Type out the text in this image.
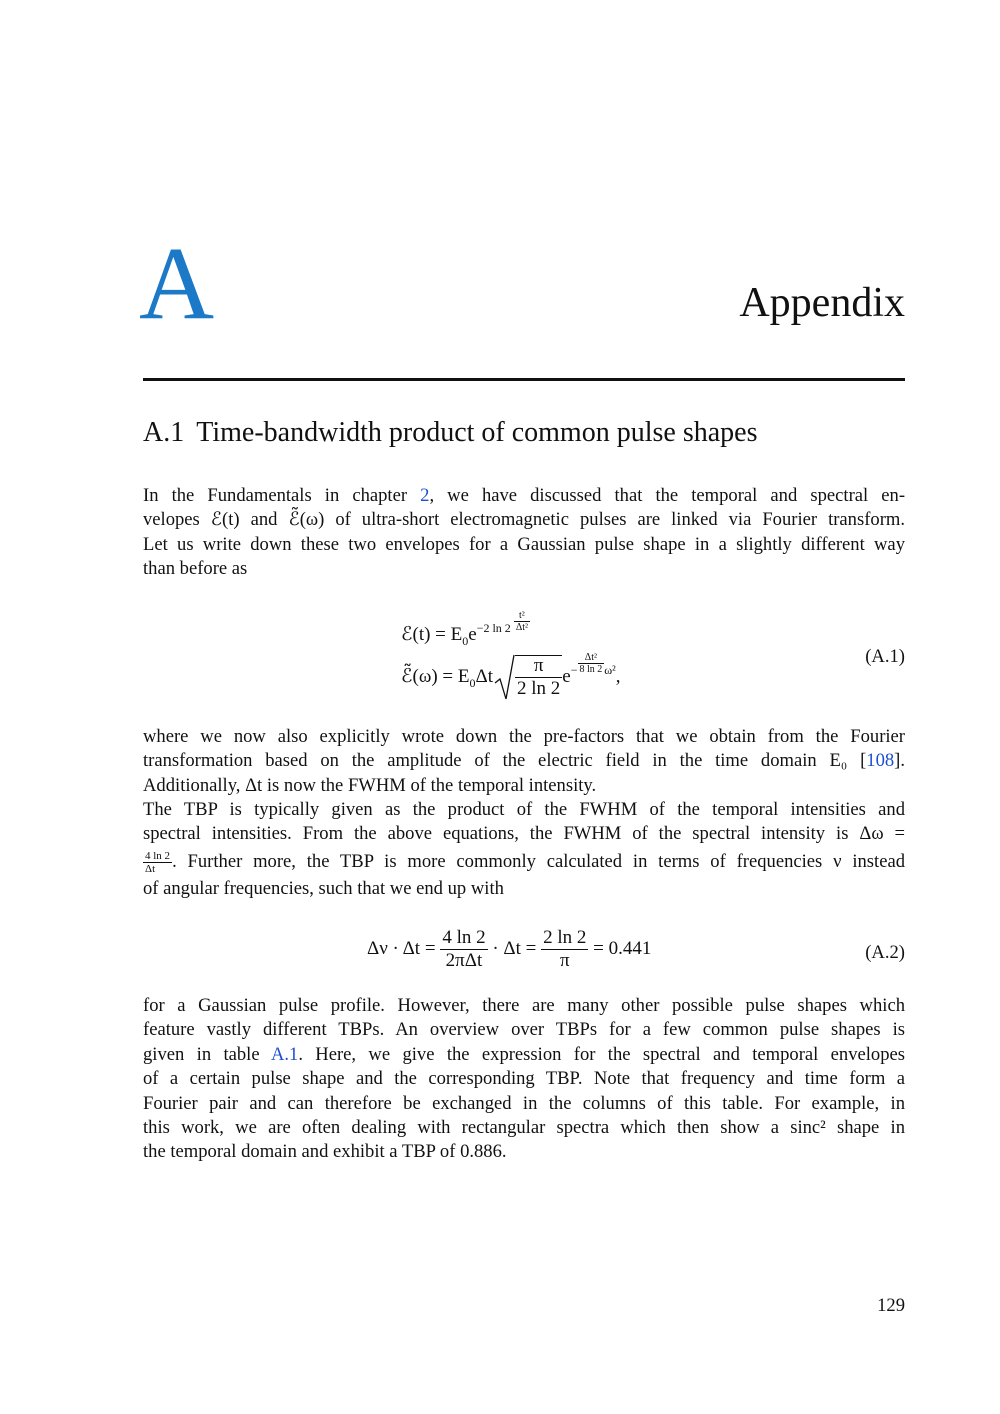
A	Appendix
A.1 Time-bandwidth product of common pulse shapes
In the Fundamentals in chapter 2, we have discussed that the temporal and spectral en-
velopes ℰ(t) and ℰ̃(ω) of ultra-short electromagnetic pulses are linked via Fourier transform.
Let us write down these two envelopes for a Gaussian pulse shape in a slightly different way
than before as
ℰ(t) = $E_0e^{-2 ln 2 \frac{\text{t²}}{\text{Δt²}}}$
ℰ̃(ω) = $E_0\Delta t \frac{\pi}{2 \ln 2} e^{- \frac{\text{Δt²}}{8 \ln 2} \omega^2}$,
(A.1)
where we now also explicitly wrote down the pre-factors that we obtain from the Fourier
transformation based on the amplitude of the electric field in the time domain E₀ [108].
Additionally, Δt is now the FWHM of the temporal intensity.
The TBP is typically given as the product of the FWHM of the temporal intensities and
spectral intensities. From the above equations, the FWHM of the spectral intensity is Δω =
$\frac{4 \ln 2}{\Delta t}$ . Further more, the TBP is more commonly calculated in terms of frequencies ν instead
of angular frequencies, such that we end up with
$\Delta\nu \cdot \Delta t = \frac{4 \ln 2}{\text{2πΔt}} \cdot \Delta t = \frac{2 \ln 2}{\pi} = 0.441$	(A.2)
for a Gaussian pulse profile. However, there are many other possible pulse shapes which
feature vastly different TBPs. An overview over TBPs for a few common pulse shapes is
given in table A.1. Here, we give the expression for the spectral and temporal envelopes
of a certain pulse shape and the corresponding TBP. Note that frequency and time form a
Fourier pair and can therefore be exchanged in the columns of this table. For example, in
this work, we are often dealing with rectangular spectra which then show a sinc² shape in
the temporal domain and exhibit a TBP of 0.886.
129
